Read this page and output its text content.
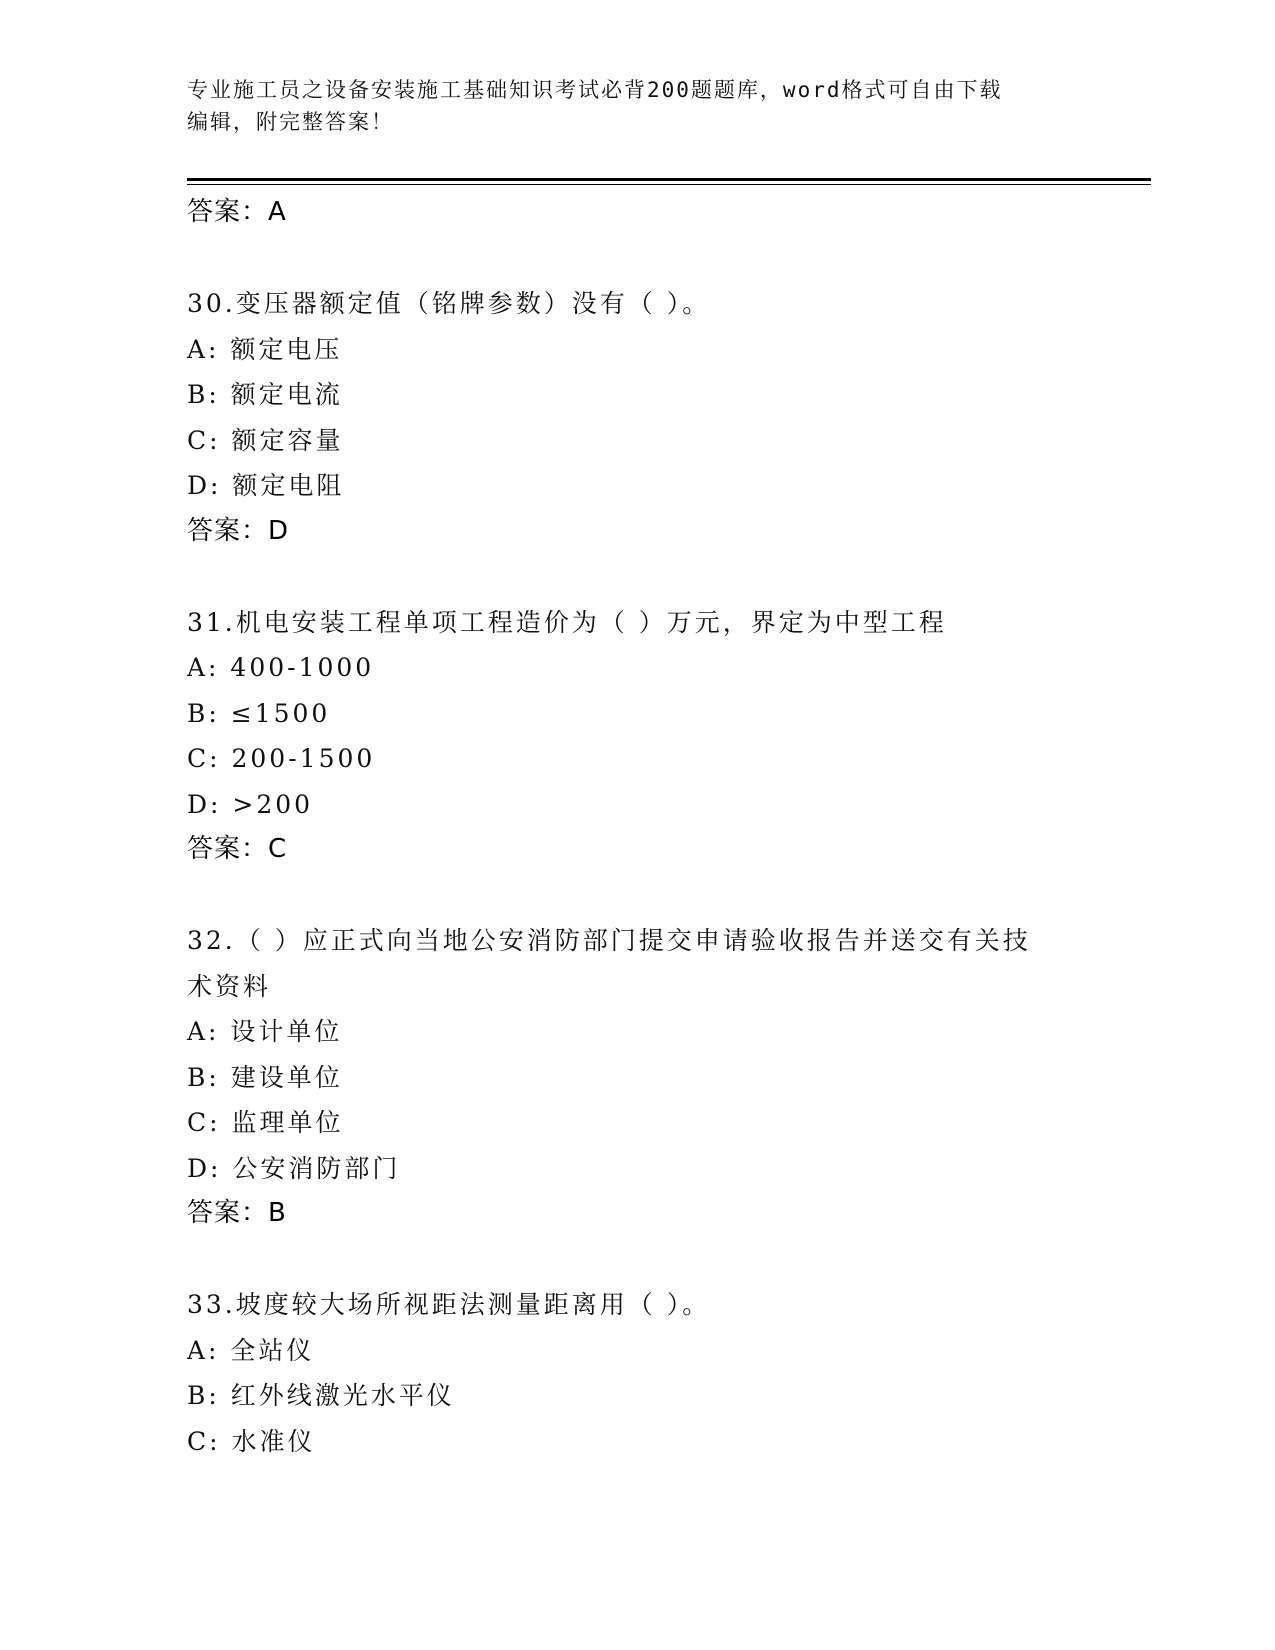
专业施工员之设备安装施工基础知识考试必背200题题库，word格式可自由下载
编辑，附完整答案！
答案：A
30.变压器额定值（铭牌参数）没有（ ）。
A: 额定电压
B: 额定电流
C: 额定容量
D: 额定电阻
答案：D
31.机电安装工程单项工程造价为（ ）万元，界定为中型工程
A: 400-1000
B: ≤1500
C: 200-1500
D: >200
答案：C
32.（ ）应正式向当地公安消防部门提交申请验收报告并送交有关技
术资料
A: 设计单位
B: 建设单位
C: 监理单位
D: 公安消防部门
答案：B
33.坡度较大场所视距法测量距离用（ ）。
A: 全站仪
B: 红外线激光水平仪
C: 水准仪
